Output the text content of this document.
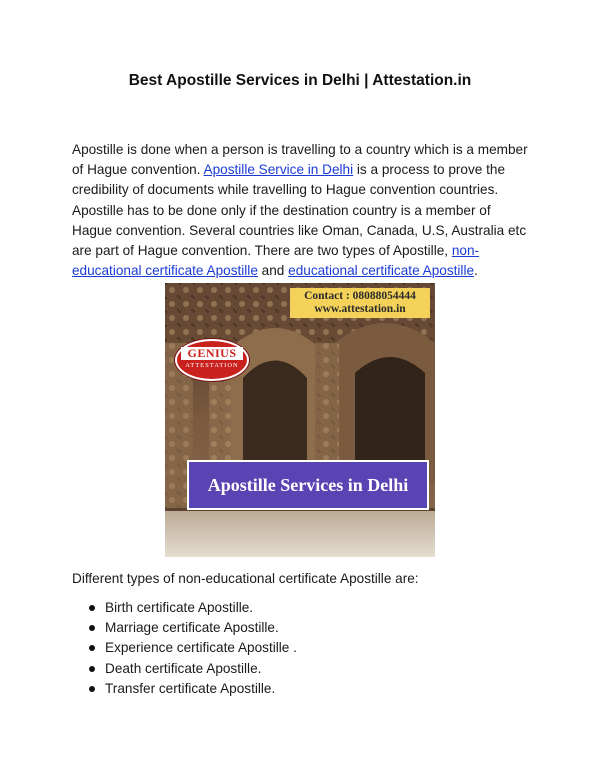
Best Apostille Services in Delhi | Attestation.in

Apostille is done when a person is travelling to a country which is a member of Hague convention. Apostille Service in Delhi is a process to prove the credibility of documents while travelling to Hague convention countries. Apostille has to be done only if the destination country is a member of Hague convention. Several countries like Oman, Canada, U.S, Australia etc are part of Hague convention. There are two types of Apostille, non-educational certificate Apostille and educational certificate Apostille.

Contact : 08088054444
www.attestation.in
GENIUS
ATTESTATION
Apostille Services in Delhi

Different types of non-educational certificate Apostille are:

Birth certificate Apostille.
Marriage certificate Apostille.
Experience certificate Apostille .
Death certificate Apostille.
Transfer certificate Apostille.
